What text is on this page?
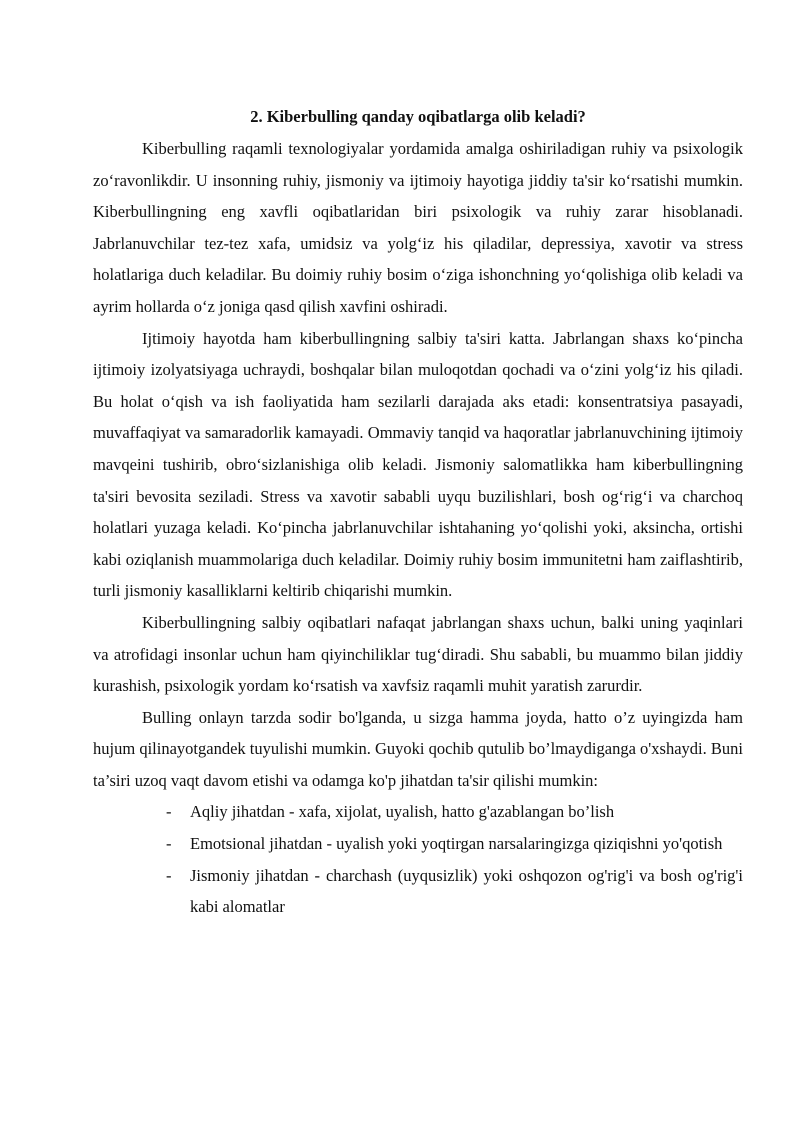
2. Kiberbulling qanday oqibatlarga olib keladi?

Kiberbulling raqamli texnologiyalar yordamida amalga oshiriladigan ruhiy va psixologik zo‘ravonlikdir. U insonning ruhiy, jismoniy va ijtimoiy hayotiga jiddiy ta'sir ko‘rsatishi mumkin. Kiberbullingning eng xavfli oqibatlaridan biri psixologik va ruhiy zarar hisoblanadi. Jabrlanuvchilar tez-tez xafa, umidsiz va yolg‘iz his qiladilar, depressiya, xavotir va stress holatlariga duch keladilar. Bu doimiy ruhiy bosim o‘ziga ishonchning yo‘qolishiga olib keladi va ayrim hollarda o‘z joniga qasd qilish xavfini oshiradi.

Ijtimoiy hayotda ham kiberbullingning salbiy ta'siri katta. Jabrlangan shaxs ko‘pincha ijtimoiy izolyatsiyaga uchraydi, boshqalar bilan muloqotdan qochadi va o‘zini yolg‘iz his qiladi. Bu holat o‘qish va ish faoliyatida ham sezilarli darajada aks etadi: konsentratsiya pasayadi, muvaffaqiyat va samaradorlik kamayadi. Ommaviy tanqid va haqoratlar jabrlanuvchining ijtimoiy mavqeini tushirib, obro‘sizlanishiga olib keladi. Jismoniy salomatlikka ham kiberbullingning ta'siri bevosita seziladi. Stress va xavotir sababli uyqu buzilishlari, bosh og‘rig‘i va charchoq holatlari yuzaga keladi. Ko‘pincha jabrlanuvchilar ishtahaning yo‘qolishi yoki, aksincha, ortishi kabi oziqlanish muammolariga duch keladilar. Doimiy ruhiy bosim immunitetni ham zaiflashtirib, turli jismoniy kasalliklarni keltirib chiqarishi mumkin.

Kiberbullingning salbiy oqibatlari nafaqat jabrlangan shaxs uchun, balki uning yaqinlari va atrofidagi insonlar uchun ham qiyinchiliklar tug‘diradi. Shu sababli, bu muammo bilan jiddiy kurashish, psixologik yordam ko‘rsatish va xavfsiz raqamli muhit yaratish zarurdir.

Bulling onlayn tarzda sodir bo'lganda, u sizga hamma joyda, hatto o’z uyingizda ham hujum qilinayotgandek tuyulishi mumkin. Guyoki qochib qutulib bo’lmaydiganga o'xshaydi. Buni ta’siri uzoq vaqt davom etishi va odamga ko'p jihatdan ta'sir qilishi mumkin:

- Aqliy jihatdan - xafa, xijolat, uyalish, hatto g'azablangan bo’lish
- Emotsional jihatdan - uyalish yoki yoqtirgan narsalaringizga qiziqishni yo'qotish
- Jismoniy jihatdan - charchash (uyqusizlik) yoki oshqozon og'rig'i va bosh og'rig'i kabi alomatlar
